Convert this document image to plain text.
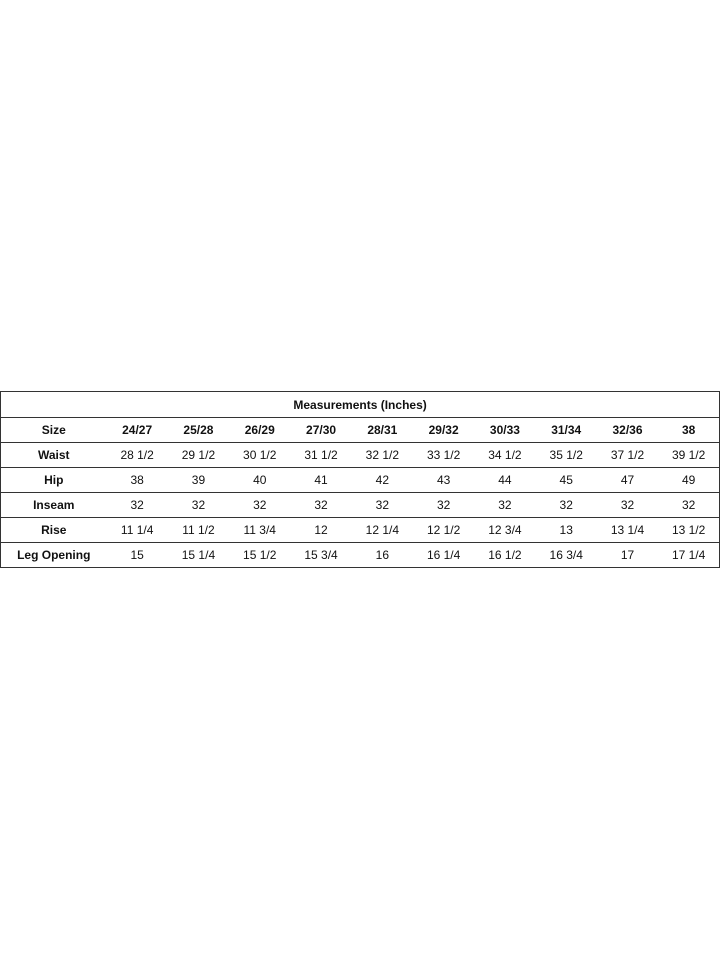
Measurements (Inches)										
Size	24/27	25/28	26/29	27/30	28/31	29/32	30/33	31/34	32/36	38
Waist	28 1/2	29 1/2	30 1/2	31 1/2	32 1/2	33 1/2	34 1/2	35 1/2	37 1/2	39 1/2
Hip	38	39	40	41	42	43	44	45	47	49
Inseam	32	32	32	32	32	32	32	32	32	32
Rise	11 1/4	11 1/2	11 3/4	12	12 1/4	12 1/2	12 3/4	13	13 1/4	13 1/2
Leg Opening	15	15 1/4	15 1/2	15 3/4	16	16 1/4	16 1/2	16 3/4	17	17 1/4
